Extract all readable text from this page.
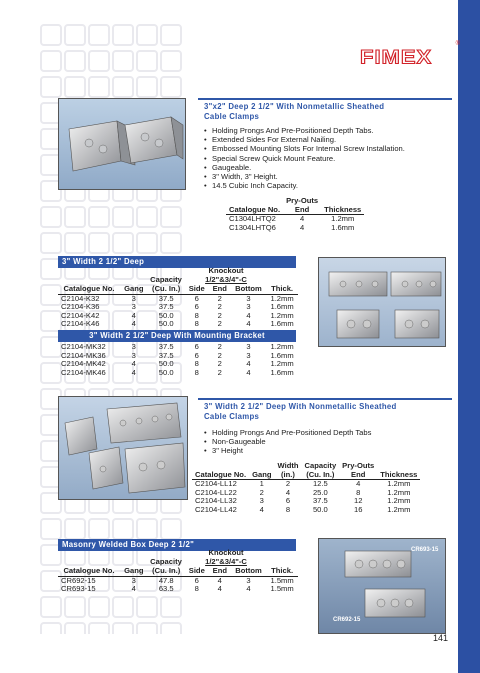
FIMEX
®
3"x2" Deep 2 1/2" With Nonmetallic Sheathed
Cable Clamps
• Holding Prongs And Pre-Positioned Depth Tabs.
• Extended Sides For External Nailing.
• Embossed Mounting Slots For Internal Screw Installation.
• Special Screw Quick Mount Feature.
• Gaugeable.
• 3" Width, 3" Height.
• 14.5 Cubic Inch Capacity.
	Pry-Outs	
Catalogue No.	End	Thickness
C1304LHTQ2	4	1.2mm
C1304LHTQ6	4	1.6mm
3" Width 2 1/2" Deep
Knockout
1/2"&3/4"-C
Capacity
Catalogue No.	Gang	(Cu. In.)	Side	End	Bottom	Thick.
C2104-K32	3	37.5	6	2	3	1.2mm
C2104-K36	3	37.5	6	2	3	1.6mm
C2104-K42	4	50.0	8	2	4	1.2mm
C2104-K46	4	50.0	8	2	4	1.6mm

3" Width 2 1/2" Deep With Mounting Bracket						

C2104-MK32	3	37.5	6	2	3	1.2mm
C2104-MK36	3	37.5	6	2	3	1.6mm
C2104-MK42	4	50.0	8	2	4	1.2mm
C2104-MK46	4	50.0	8	2	4	1.6mm
3" Width 2 1/2" Deep With Nonmetallic Sheathed
Cable Clamps
• Holding Prongs And Pre-Positioned Depth Tabs
• Non-Gaugeable
• 3" Height
		Width	Capacity	Pry-Outs	
Catalogue No.	Gang	(in.)	(Cu. In.)	End	Thickness
C2104-LL12	1	2	12.5	4	1.2mm
C2104-LL22	2	4	25.0	8	1.2mm
C2104-LL32	3	6	37.5	12	1.2mm
C2104-LL42	4	8	50.0	16	1.2mm
Masonry Welded Box Deep 2 1/2"
Knockout
1/2"&3/4"-C
Capacity
Catalogue No.	Gang	(Cu. In.)	Side	End	Bottom	Thick.
CR692-15	3	47.8	6	4	3	1.5mm
CR693-15	4	63.5	8	4	4	1.5mm
CR693-15
CR692-15
141
